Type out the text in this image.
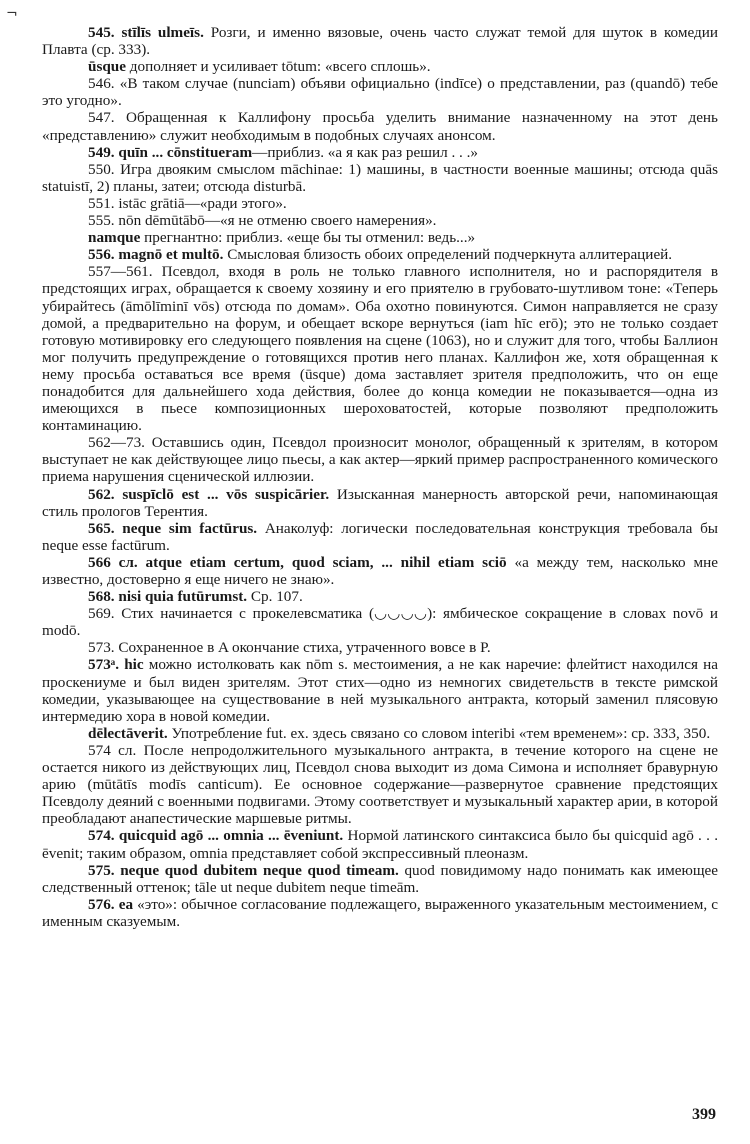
¬

545. stīlīs ulmeīs. Розги, и именно вязовые, очень часто служат темой для шуток в комедии Плавта (ср. 333).

ūsque дополняет и усиливает tōtum: «всего сплошь».

546. «В таком случае (nunciam) объяви официально (indīce) о представлении, раз (quandō) тебе это угодно».

547. Обращенная к Каллифону просьба уделить внимание назначенному на этот день «представлению» служит необходимым в подобных случаях анонсом.

549. quīn ... cōnstitueram—приблиз. «а я как раз решил . . .»

550. Игра двояким смыслом māchinae: 1) машины, в частности военные машины; отсюда quās statuistī, 2) планы, затеи; отсюда disturbā.

551. istāc grātiā—«ради этого».

555. nōn dēmūtābō—«я не отменю своего намерения».

namque прегнантно: приблиз. «еще бы ты отменил: ведь...»

556. magnō et multō. Смысловая близость обоих определений подчеркнута аллитерацией.

557—561. Псевдол, входя в роль не только главного исполнителя, но и распорядителя в предстоящих играх, обращается к своему хозяину и его приятелю в грубовато-шутливом тоне: «Теперь убирайтесь (āmōlīminī vōs) отсюда по домам». Оба охотно повинуются. Симон направляется не сразу домой, а предварительно на форум, и обещает вскоре вернуться (iam hīc erō); это не только создает готовую мотивировку его следующего появления на сцене (1063), но и служит для того, чтобы Баллион мог получить предупреждение о готовящихся против него планах. Каллифон же, хотя обращенная к нему просьба оставаться все время (ūsque) дома заставляет зрителя предположить, что он еще понадобится для дальнейшего хода действия, более до конца комедии не показывается—одна из имеющихся в пьесе композиционных шероховатостей, которые позволяют предположить контаминацию.

562—73. Оставшись один, Псевдол произносит монолог, обращенный к зрителям, в котором выступает не как действующее лицо пьесы, а как актер—яркий пример распространенного комического приема нарушения сценической иллюзии.

562. suspīclō est ... vōs suspicārier. Изысканная манерность авторской речи, напоминающая стиль прологов Терентия.

565. neque sim factūrus. Анаколуф: логически последовательная конструкция требовала бы neque esse factūrum.

566 сл. atque etiam certum, quod sciam, ... nihil etiam sciō «а между тем, насколько мне известно, достоверно я еще ничего не знаю».

568. nisi quia futūrumst. Ср. 107.

569. Стих начинается с прокелевсматика (◡◡◡◡): ямбическое сокращение в словах novō и modō.

573. Сохраненное в A окончание стиха, утраченного вовсе в P.

573ᵃ. hic можно истолковать как nōm s. местоимения, а не как наречие: флейтист находился на проскениуме и был виден зрителям. Этот стих—одно из немногих свидетельств в тексте римской комедии, указывающее на существование в ней музыкального антракта, который заменил плясовую интермедию хора в новой комедии.

dēlectāverit. Употребление fut. ex. здесь связано со словом interibi «тем временем»: ср. 333, 350.

574 сл. После непродолжительного музыкального антракта, в течение которого на сцене не остается никого из действующих лиц, Псевдол снова выходит из дома Симона и исполняет бравурную арию (mūtātīs modīs canticum). Ее основное содержание—развернутое сравнение предстоящих Псевдолу деяний с военными подвигами. Этому соответствует и музыкальный характер арии, в которой преобладают анапестические маршевые ритмы.

574. quicquid agō ... omnia ... ēveniunt. Нормой латинского синтаксиса было бы quicquid agō . . . ēvenit; таким образом, omnia представляет собой экспрессивный плеоназм.

575. neque quod dubitem neque quod timeam. quod повидимому надо понимать как имеющее следственный оттенок; tāle ut neque dubitem neque timeām.

576. ea «это»: обычное согласование подлежащего, выраженного указательным местоимением, с именным сказуемым.

399
